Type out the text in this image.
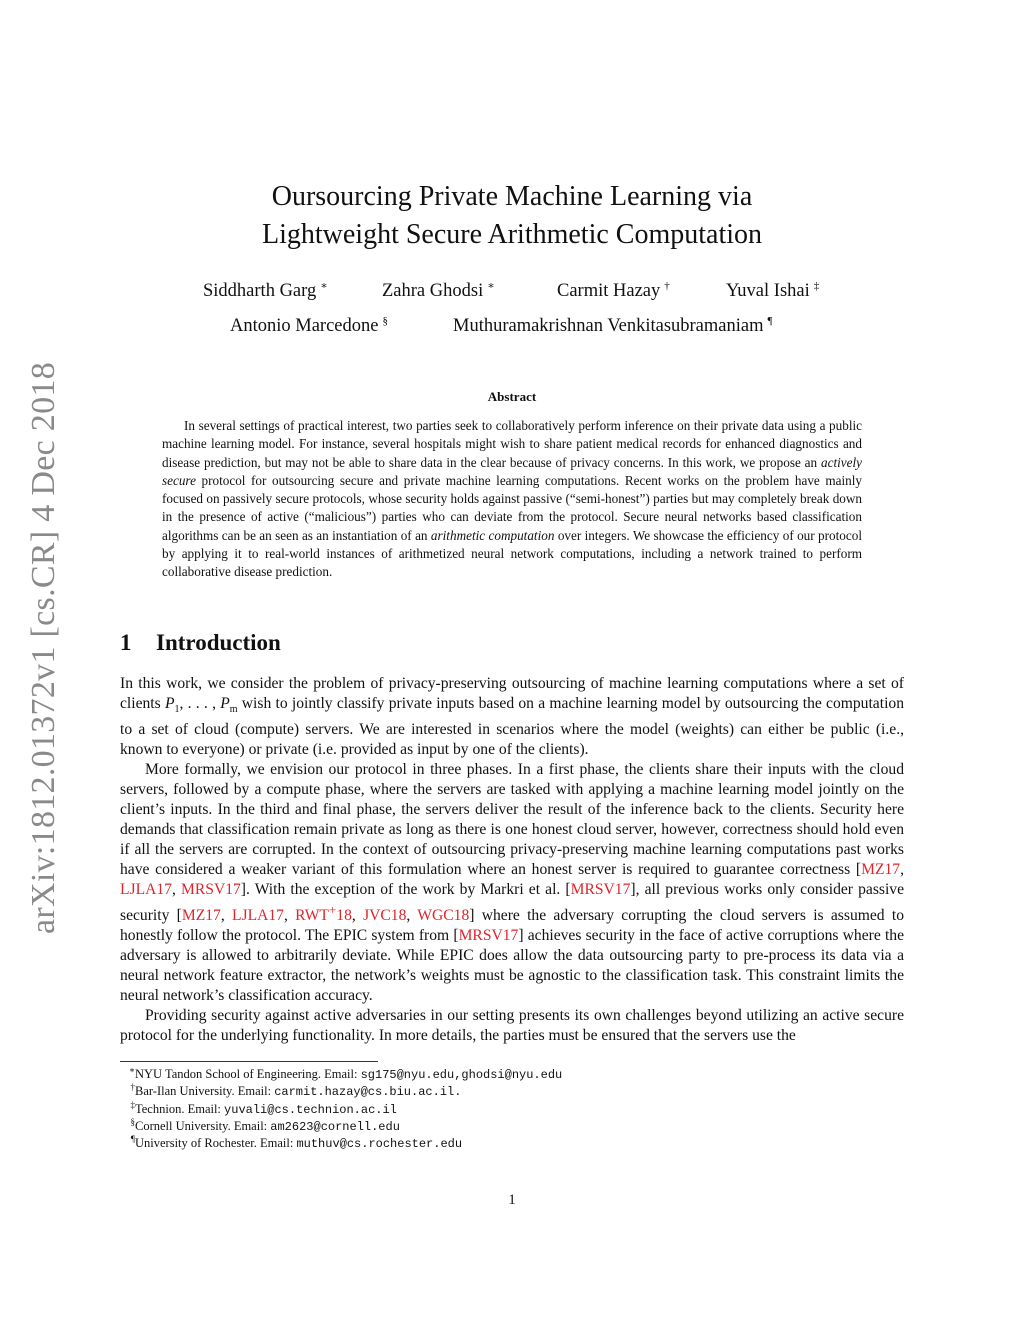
arXiv:1812.01372v1 [cs.CR] 4 Dec 2018
Oursourcing Private Machine Learning via
Lightweight Secure Arithmetic Computation
Siddharth Garg ∗	Zahra Ghodsi ∗	Carmit Hazay †	Yuval Ishai ‡
Antonio Marcedone §	Muthuramakrishnan Venkitasubramaniam ¶
Abstract

In several settings of practical interest, two parties seek to collaboratively perform inference on their private data using a public machine learning model. For instance, several hospitals might wish to share patient medical records for enhanced diagnostics and disease prediction, but may not be able to share data in the clear because of privacy concerns. In this work, we propose an actively secure protocol for outsourcing secure and private machine learning computations. Recent works on the problem have mainly focused on passively secure protocols, whose security holds against passive (“semi-honest”) parties but may completely break down in the presence of active (“malicious”) parties who can deviate from the protocol. Secure neural networks based classification algorithms can be an seen as an instantiation of an arithmetic computation over integers. We showcase the efficiency of our protocol by applying it to real-world instances of arithmetized neural network computations, including a network trained to perform collaborative disease prediction.

1 Introduction

In this work, we consider the problem of privacy-preserving outsourcing of machine learning computations where a set of clients $P_1$, . . . , $P_m$ wish to jointly classify private inputs based on a machine learning model by outsourcing the computation to a set of cloud (compute) servers. We are interested in scenarios where the model (weights) can either be public (i.e., known to everyone) or private (i.e. provided as input by one of the clients).

More formally, we envision our protocol in three phases. In a first phase, the clients share their inputs with the cloud servers, followed by a compute phase, where the servers are tasked with applying a machine learning model jointly on the client’s inputs. In the third and final phase, the servers deliver the result of the inference back to the clients. Security here demands that classification remain private as long as there is one honest cloud server, however, correctness should hold even if all the servers are corrupted. In the context of outsourcing privacy-preserving machine learning computations past works have considered a weaker variant of this formulation where an honest server is required to guarantee correctness [MZ17, LJLA17, MRSV17]. With the exception of the work by Markri et al. [MRSV17], all previous works only consider passive security [MZ17, LJLA17, RWT+18, JVC18, WGC18] where the adversary corrupting the cloud servers is assumed to honestly follow the protocol. The EPIC system from [MRSV17] achieves security in the face of active corruptions where the adversary is allowed to arbitrarily deviate. While EPIC does allow the data outsourcing party to pre-process its data via a neural network feature extractor, the network’s weights must be agnostic to the classification task. This constraint limits the neural network’s classification accuracy.

Providing security against active adversaries in our setting presents its own challenges beyond utilizing an active secure protocol for the underlying functionality. In more details, the parties must be ensured that the servers use the

∗ NYU Tandon School of Engineering. Email: sg175@nyu.edu,ghodsi@nyu.edu

† Bar-Ilan University. Email: carmit.hazay@cs.biu.ac.il.

‡ Technion. Email: yuvali@cs.technion.ac.il

§ Cornell University. Email: am2623@cornell.edu

¶ University of Rochester. Email: muthuv@cs.rochester.edu

1
